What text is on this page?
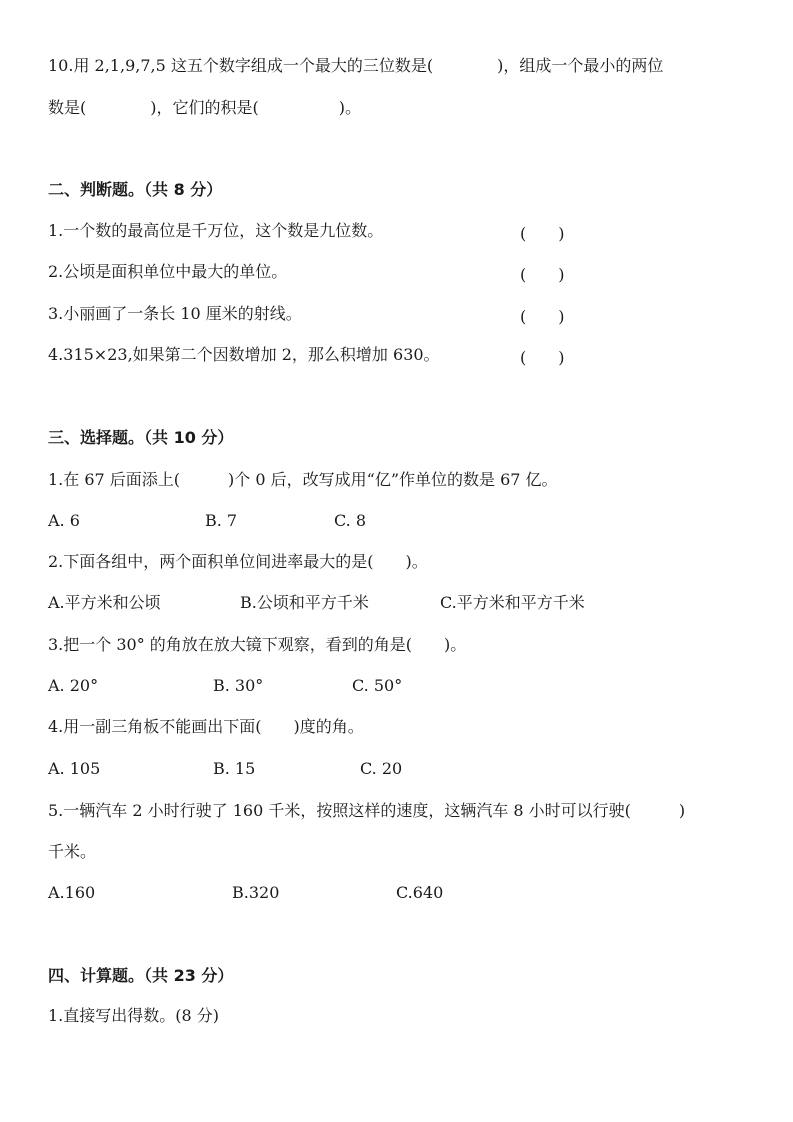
10.用 2,1,9,7,5 这五个数字组成一个最大的三位数是(　　　　)，组成一个最小的两位
数是(　　　　)，它们的积是(　　　　　)。
二、判断题。（共 8 分）
1.一个数的最高位是千万位，这个数是九位数。	(　　)
2.公顷是面积单位中最大的单位。	(　　)
3.小丽画了一条长 10 厘米的射线。	(　　)
4.315×23,如果第二个因数增加 2，那么积增加 630。	(　　)
三、选择题。（共 10 分）
1.在 67 后面添上(　　　)个 0 后，改写成用“亿”作单位的数是 67 亿。
A. 6	B. 7	C. 8
2.下面各组中，两个面积单位间进率最大的是(　　)。
A.平方米和公顷	B.公顷和平方千米	C.平方米和平方千米
3.把一个 30° 的角放在放大镜下观察，看到的角是(　　)。
A. 20°	B. 30°	C. 50°
4.用一副三角板不能画出下面(　　)度的角。
A. 105	B. 15	C. 20
5.一辆汽车 2 小时行驶了 160 千米，按照这样的速度，这辆汽车 8 小时可以行驶(　　　)
千米。
A.160	B.320	C.640
四、计算题。（共 23 分）
1.直接写出得数。(8 分)
